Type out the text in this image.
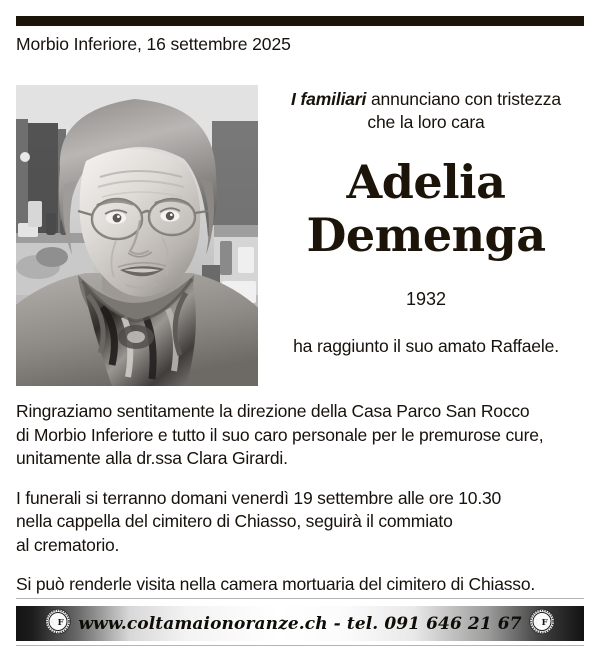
Morbio Inferiore, 16 settembre 2025
I familiari annunciano con tristezza
che la loro cara
Adelia
Demenga
1932
ha raggiunto il suo amato Raffaele.

Ringraziamo sentitamente la direzione della Casa Parco San Rocco
di Morbio Inferiore e tutto il suo caro personale per le premurose cure,
unitamente alla dr.ssa Clara Girardi.

I funerali si terranno domani venerdì 19 settembre alle ore 10.30
nella cappella del cimitero di Chiasso, seguirà il commiato
al crematorio.

Si può renderle visita nella camera mortuaria del cimitero di Chiasso.

C F www.coltamaionoranze.ch - tel. 091 646 21 67 C F
